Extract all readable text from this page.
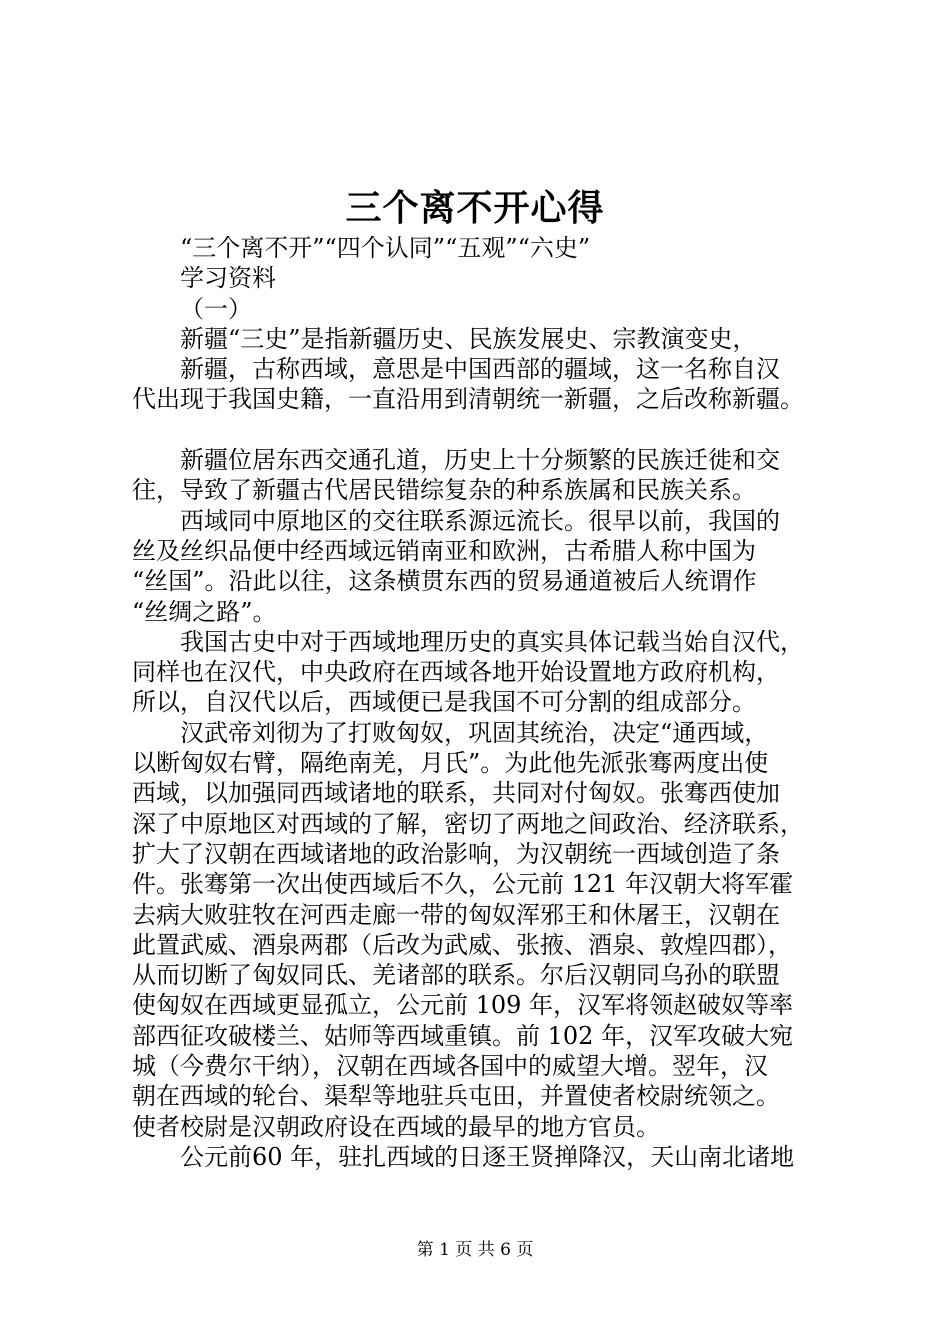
三个离不开心得
“三个离不开”“四个认同”“五观”“六史”
学习资料
（一）
新疆“三史”是指新疆历史、民族发展史、宗教演变史，
新疆，古称西域，意思是中国西部的疆域，这一名称自汉
代出现于我国史籍，一直沿用到清朝统一新疆，之后改称新疆。
新疆位居东西交通孔道，历史上十分频繁的民族迁徙和交
往，导致了新疆古代居民错综复杂的种系族属和民族关系。
西域同中原地区的交往联系源远流长。很早以前，我国的
丝及丝织品便中经西域远销南亚和欧洲，古希腊人称中国为
“丝国”。沿此以往，这条横贯东西的贸易通道被后人统谓作
“丝绸之路”。
我国古史中对于西域地理历史的真实具体记载当始自汉代，
同样也在汉代，中央政府在西域各地开始设置地方政府机构，
所以，自汉代以后，西域便已是我国不可分割的组成部分。
汉武帝刘彻为了打败匈奴，巩固其统治，决定“通西域，
以断匈奴右臂，隔绝南羌，月氏”。为此他先派张骞两度出使
西域，以加强同西域诸地的联系，共同对付匈奴。张骞西使加
深了中原地区对西域的了解，密切了两地之间政治、经济联系，
扩大了汉朝在西域诸地的政治影响，为汉朝统一西域创造了条
件。张骞第一次出使西域后不久，公元前 121 年汉朝大将军霍
去病大败驻牧在河西走廊一带的匈奴浑邪王和休屠王，汉朝在
此置武威、酒泉两郡（后改为武威、张掖、酒泉、敦煌四郡），
从而切断了匈奴同氐、羌诸部的联系。尔后汉朝同乌孙的联盟
使匈奴在西域更显孤立，公元前 109 年，汉军将领赵破奴等率
部西征攻破楼兰、姑师等西域重镇。前 102 年，汉军攻破大宛
城（今费尔干纳），汉朝在西域各国中的威望大增。翌年，汉
朝在西域的轮台、渠犁等地驻兵屯田，并置使者校尉统领之。
使者校尉是汉朝政府设在西域的最早的地方官员。
公元前60 年，驻扎西域的日逐王贤掸降汉，天山南北诸地
第 1 页 共 6 页
